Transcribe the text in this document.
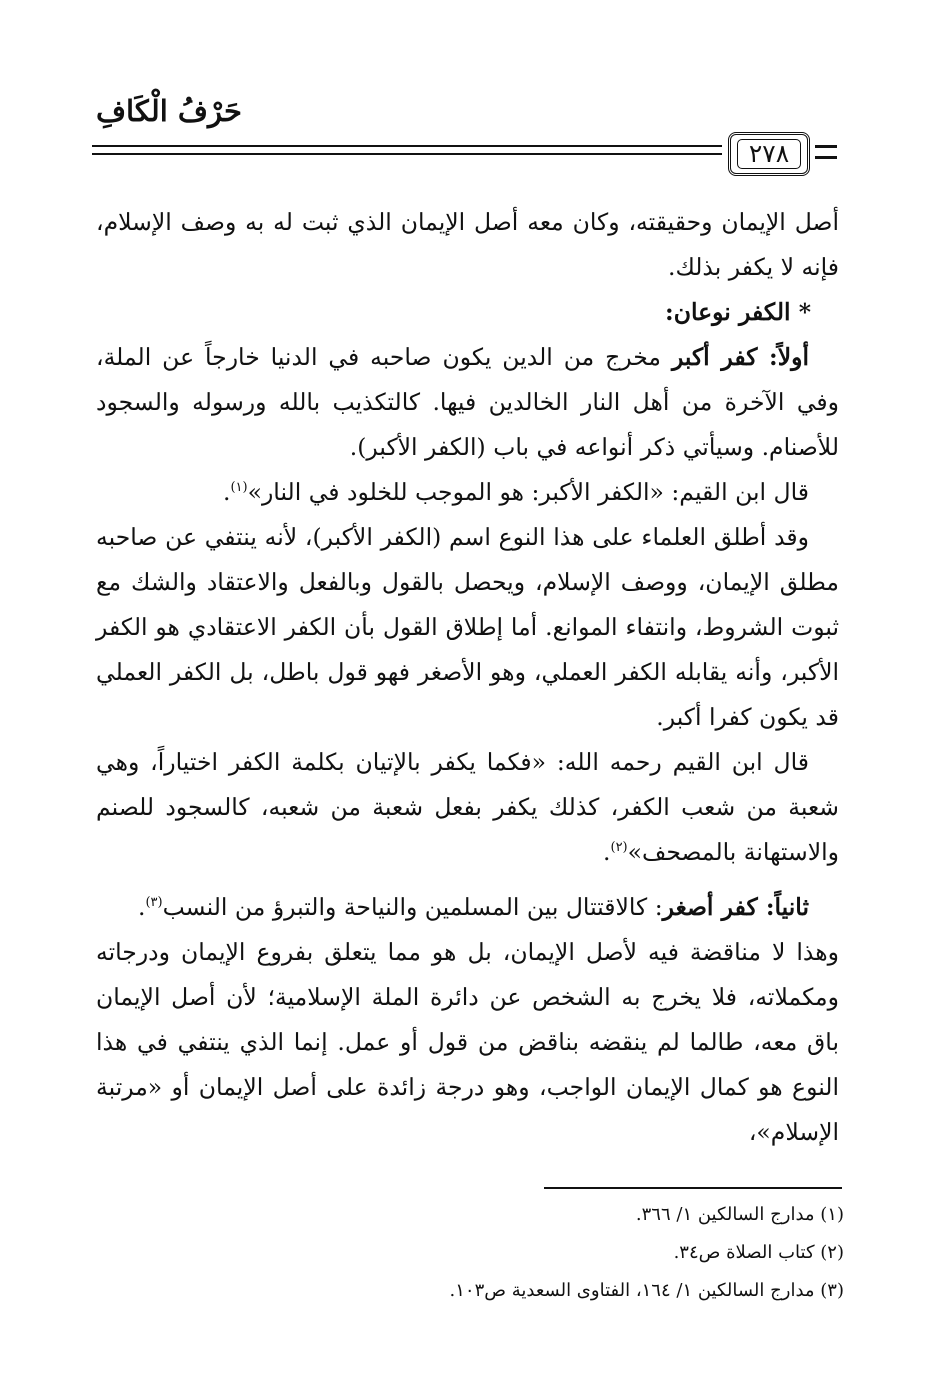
حَرْفُ الْكَافِ
٢٧٨

أصل الإيمان وحقيقته، وكان معه أصل الإيمان الذي ثبت له به وصف الإسلام، فإنه لا يكفر بذلك.

* الكفر نوعان:

أولاً: كفر أكبر مخرج من الدين يكون صاحبه في الدنيا خارجاً عن الملة، وفي الآخرة من أهل النار الخالدين فيها. كالتكذيب بالله ورسوله والسجود للأصنام. وسيأتي ذكر أنواعه في باب (الكفر الأكبر).

قال ابن القيم: «الكفر الأكبر: هو الموجب للخلود في النار»$^{(١)}$.

وقد أطلق العلماء على هذا النوع اسم (الكفر الأكبر)، لأنه ينتفي عن صاحبه مطلق الإيمان، ووصف الإسلام، ويحصل بالقول وبالفعل والاعتقاد والشك مع ثبوت الشروط، وانتفاء الموانع. أما إطلاق القول بأن الكفر الاعتقادي هو الكفر الأكبر، وأنه يقابله الكفر العملي، وهو الأصغر فهو قول باطل، بل الكفر العملي قد يكون كفرا أكبر.

قال ابن القيم رحمه الله: «فكما يكفر بالإتيان بكلمة الكفر اختياراً، وهي شعبة من شعب الكفر، كذلك يكفر بفعل شعبة من شعبه، كالسجود للصنم والاستهانة بالمصحف»$^{(٢)}$.

ثانياً: كفر أصغر: كالاقتتال بين المسلمين والنياحة والتبرؤ من النسب$^{(٣)}$.

وهذا لا مناقضة فيه لأصل الإيمان، بل هو مما يتعلق بفروع الإيمان ودرجاته ومكملاته، فلا يخرج به الشخص عن دائرة الملة الإسلامية؛ لأن أصل الإيمان باق معه، طالما لم ينقضه بناقض من قول أو عمل. إنما الذي ينتفي في هذا النوع هو كمال الإيمان الواجب، وهو درجة زائدة على أصل الإيمان أو «مرتبة الإسلام»،

(١) مدارج السالكين ١/ ٣٦٦.

(٢) كتاب الصلاة ص٣٤.

(٣) مدارج السالكين ١/ ١٦٤، الفتاوى السعدية ص١٠٣.
